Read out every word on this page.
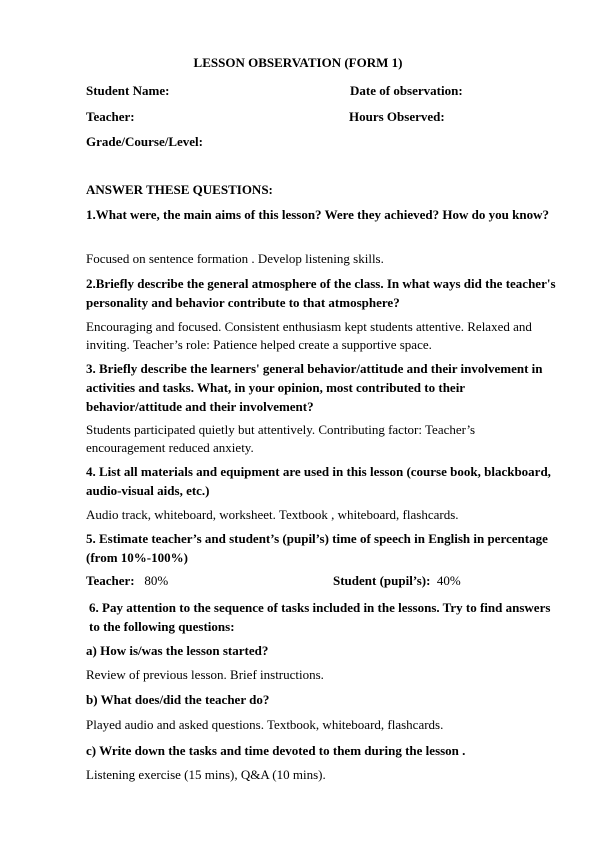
LESSON OBSERVATION (FORM 1)
Student Name:	Date of observation:
Teacher:	Hours Observed:
Grade/Course/Level:
ANSWER THESE QUESTIONS:
1.What were, the main aims of this lesson? Were they achieved? How do you know?
Focused on sentence formation . Develop listening skills.
2.Briefly describe the general atmosphere of the class. In what ways did the teacher's personality and behavior contribute to that atmosphere?
Encouraging and focused. Consistent enthusiasm kept students attentive. Relaxed and inviting. Teacher’s role: Patience helped create a supportive space.
3. Briefly describe the learners' general behavior/attitude and their involvement in activities and tasks. What, in your opinion, most contributed to their behavior/attitude and their involvement?
Students participated quietly but attentively. Contributing factor: Teacher’s encouragement reduced anxiety.
4. List all materials and equipment are used in this lesson (course book, blackboard, audio-visual aids, etc.)
Audio track, whiteboard, worksheet. Textbook , whiteboard, flashcards.
5. Estimate teacher’s and student’s (pupil’s) time of speech in English in percentage (from 10%-100%)
Teacher: 80%	Student (pupil’s): 40%
6. Pay attention to the sequence of tasks included in the lessons. Try to find answers to the following questions:
a) How is/was the lesson started?
Review of previous lesson. Brief instructions.
b) What does/did the teacher do?
Played audio and asked questions. Textbook, whiteboard, flashcards.
c) Write down the tasks and time devoted to them during the lesson .
Listening exercise (15 mins), Q&A (10 mins).
